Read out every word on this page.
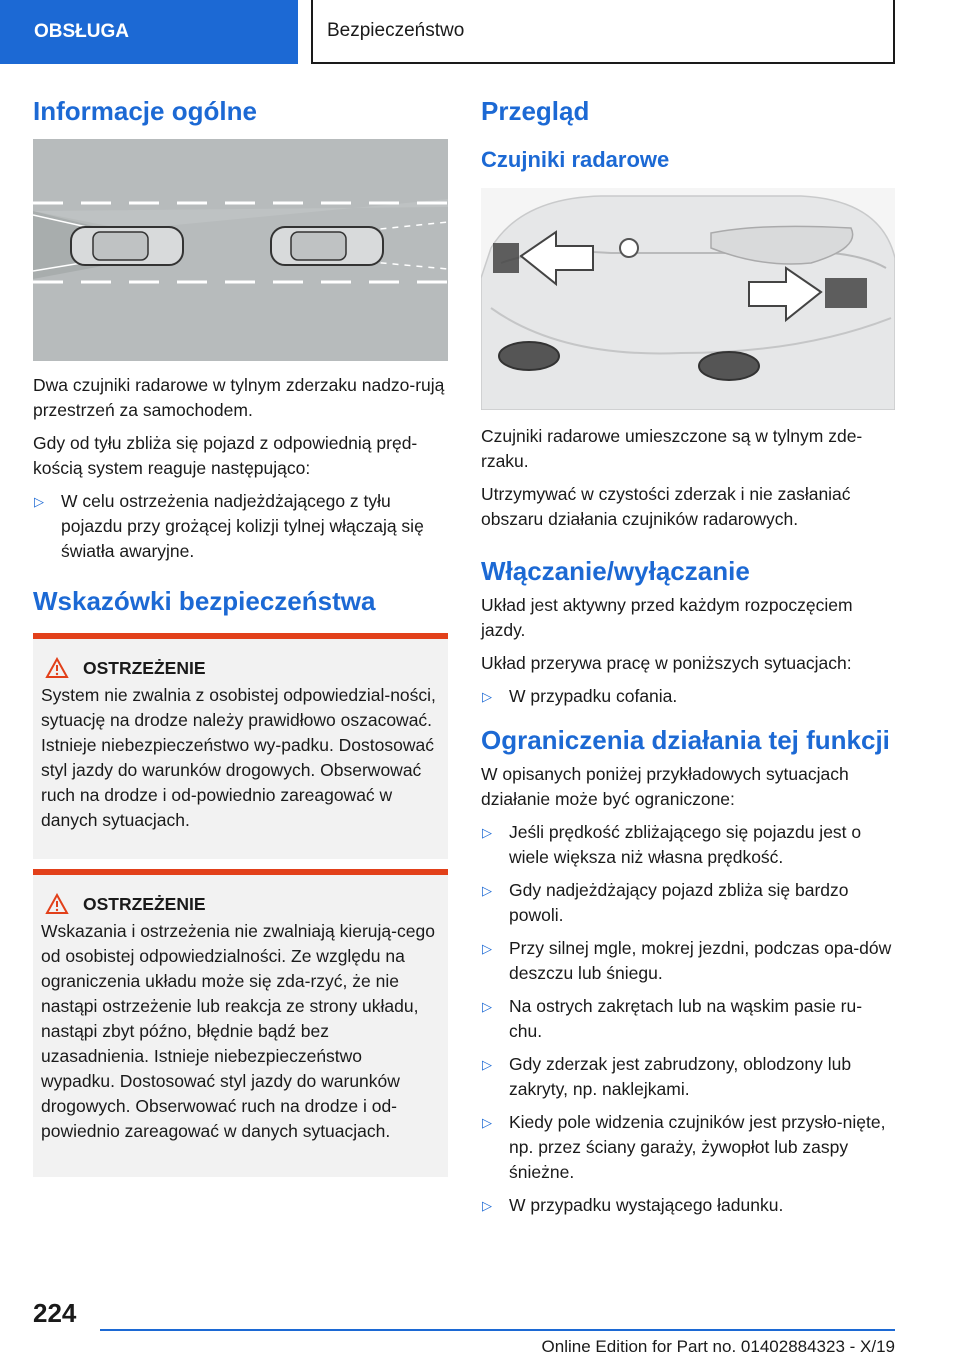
OBSŁUGA	Bezpieczeństwo
Informacje ogólne

Dwa czujniki radarowe w tylnym zderzaku nadzo-rują przestrzeń za samochodem.

Gdy od tyłu zbliża się pojazd z odpowiednią pręd-kością system reaguje następująco:

▷ W celu ostrzeżenia nadjeżdżającego z tyłu pojazdu przy grożącej kolizji tylnej włączają się światła awaryjne.
Wskazówki bezpieczeństwa
OSTRZEŻENIE

System nie zwalnia z osobistej odpowiedzial-ności, sytuację na drodze należy prawidłowo oszacować. Istnieje niebezpieczeństwo wy-padku. Dostosować styl jazdy do warunków drogowych. Obserwować ruch na drodze i od-powiednio zareagować w danych sytuacjach.

OSTRZEŻENIE

Wskazania i ostrzeżenia nie zwalniają kierują-cego od osobistej odpowiedzialności. Ze względu na ograniczenia układu może się zda-rzyć, że nie nastąpi ostrzeżenie lub reakcja ze strony układu, nastąpi zbyt późno, błędnie bądź bez uzasadnienia. Istnieje niebezpieczeństwo wypadku. Dostosować styl jazdy do warunków drogowych. Obserwować ruch na drodze i od-powiednio zareagować w danych sytuacjach.

Przegląd
Czujniki radarowe

Czujniki radarowe umieszczone są w tylnym zde-rzaku.

Utrzymywać w czystości zderzak i nie zasłaniać obszaru działania czujników radarowych.

Włączanie/wyłączanie

Układ jest aktywny przed każdym rozpoczęciem jazdy.

Układ przerywa pracę w poniższych sytuacjach:

▷ W przypadku cofania.
Ograniczenia działania tej funkcji

W opisanych poniżej przykładowych sytuacjach działanie może być ograniczone:

▷ Jeśli prędkość zbliżającego się pojazdu jest o wiele większa niż własna prędkość.
▷ Gdy nadjeżdżający pojazd zbliża się bardzo powoli.
▷ Przy silnej mgle, mokrej jezdni, podczas opa-dów deszczu lub śniegu.
▷ Na ostrych zakrętach lub na wąskim pasie ru-chu.
▷ Gdy zderzak jest zabrudzony, oblodzony lub zakryty, np. naklejkami.
▷ Kiedy pole widzenia czujników jest przysło-nięte, np. przez ściany garaży, żywopłot lub zaspy śnieżne.
▷ W przypadku wystającego ładunku.
224
Online Edition for Part no. 01402884323 - X/19
